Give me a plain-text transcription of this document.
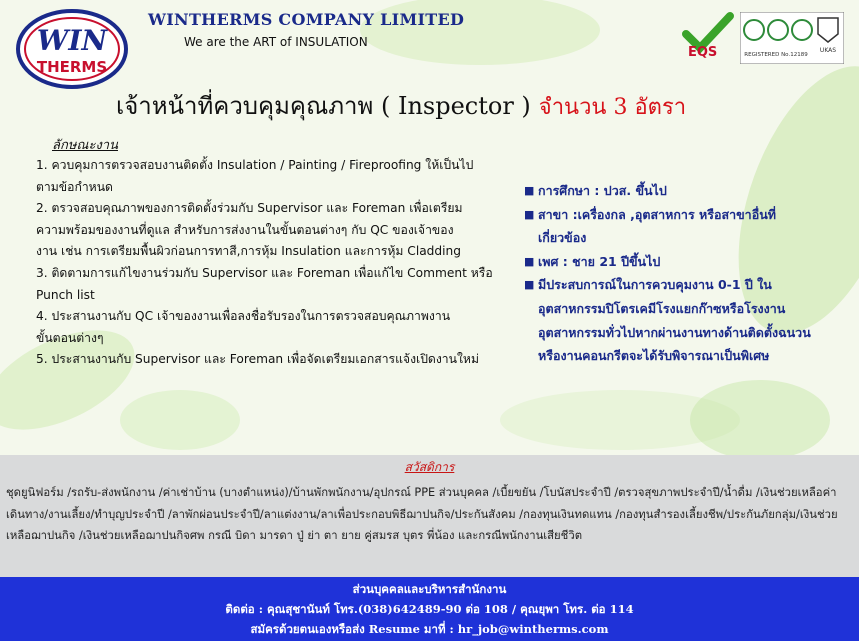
WIN
THERMS
WINTHERMS COMPANY LIMITED
We are the ART of INSULATION
EQS	UKAS
REGISTERED No.12189
เจ้าหน้าที่ควบคุมคุณภาพ ( Inspector ) จำนวน 3 อัตรา
ลักษณะงาน
1. ควบคุมการตรวจสอบงานติดตั้ง Insulation / Painting / Fireproofing ให้เป็นไป
ตามข้อกำหนด
2. ตรวจสอบคุณภาพของการติดตั้งร่วมกับ Supervisor และ Foreman เพื่อเตรียม
ความพร้อมของงานที่ดูแล สำหรับการส่งงานในขั้นตอนต่างๆ กับ QC ของเจ้าของ
งาน เช่น การเตรียมพื้นผิวก่อนการทาสี,การหุ้ม Insulation และการหุ้ม Cladding
3. ติดตามการแก้ไขงานร่วมกับ Supervisor และ Foreman เพื่อแก้ไข Comment หรือ
Punch list
4. ประสานงานกับ QC เจ้าของงานเพื่อลงชื่อรับรองในการตรวจสอบคุณภาพงาน
ขั้นตอนต่างๆ
5. ประสานงานกับ Supervisor และ Foreman เพื่อจัดเตรียมเอกสารแจ้งเปิดงานใหม่
■ การศึกษา : ปวส. ขึ้นไป
■ สาขา :เครื่องกล ,อุตสาหการ หรือสาขาอื่นที่
เกี่ยวข้อง
■ เพศ : ชาย 21 ปีขึ้นไป
■ มีประสบการณ์ในการควบคุมงาน 0-1 ปี ใน
อุตสาหกรรมปิโตรเคมีโรงแยกก๊าซหรือโรงงาน
อุตสาหกรรมทั่วไปหากผ่านงานทางด้านติดตั้งฉนวน
หรืองานคอนกรีตจะได้รับพิจารณาเป็นพิเศษ
สวัสดิการ

ชุดยูนิฟอร์ม /รถรับ-ส่งพนักงาน /ค่าเช่าบ้าน (บางตำแหน่ง)/บ้านพักพนักงาน/อุปกรณ์ PPE ส่วนบุคคล /เบี้ยขยัน /โบนัสประจำปี /ตรวจสุขภาพประจำปี/น้ำดื่ม /เงินช่วยเหลือค่าเดินทาง/งานเลี้ยง/ทำบุญประจำปี /ลาพักผ่อนประจำปี/ลาแต่งงาน/ลาเพื่อประกอบพิธีฌาปนกิจ/ประกันสังคม /กองทุนเงินทดแทน /กองทุนสำรองเลี้ยงชีพ/ประกันภัยกลุ่ม/เงินช่วยเหลือฌาปนกิจ /เงินช่วยเหลือฌาปนกิจศพ กรณี บิดา มารดา ปู่ ย่า ตา ยาย คู่สมรส บุตร พี่น้อง และกรณีพนักงานเสียชีวิต

ส่วนบุคคลและบริหารสำนักงาน
ติดต่อ : คุณสุชานันท์ โทร.(038)642489-90 ต่อ 108 / คุณยุพา โทร. ต่อ 114
สมัครด้วยตนเองหรือส่ง Resume มาที่ : hr_job@wintherms.com
